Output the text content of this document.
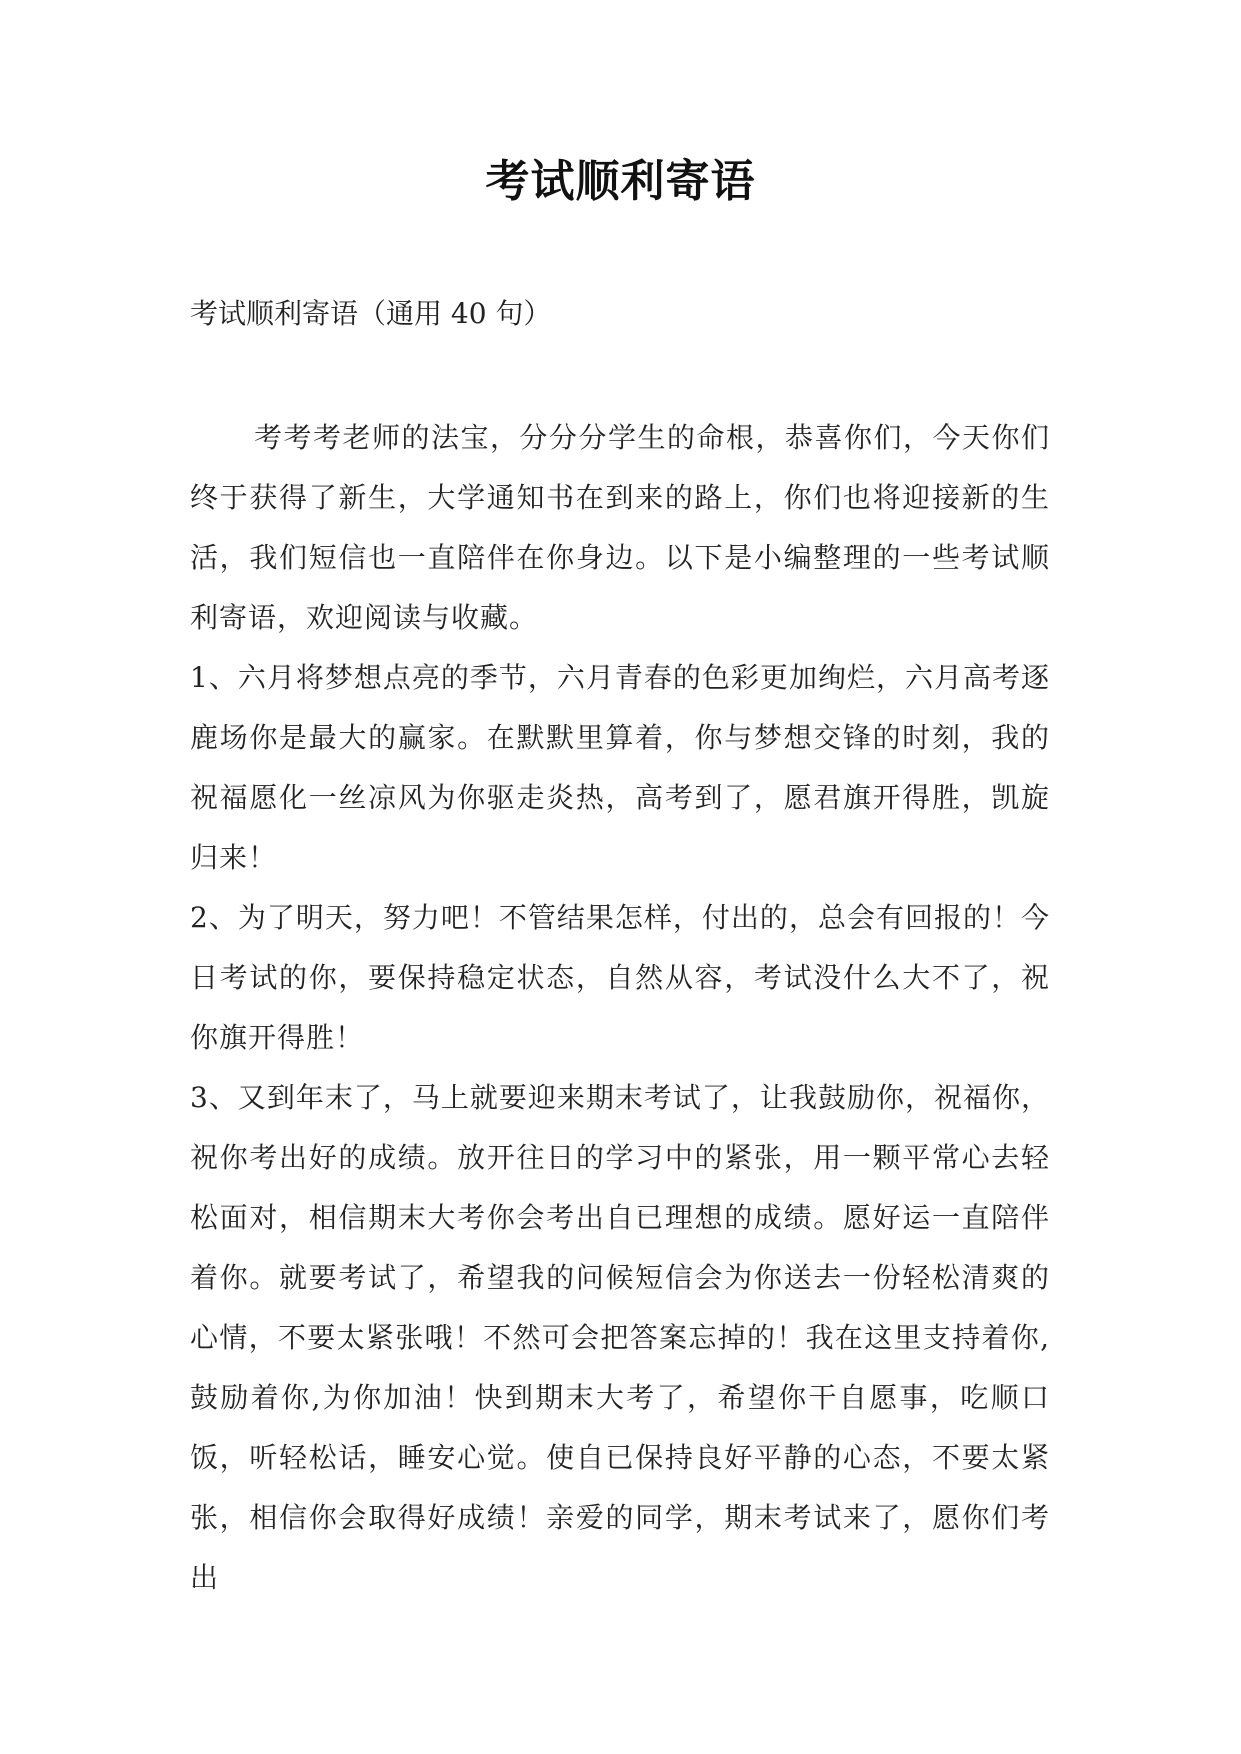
考试顺利寄语
考试顺利寄语（通用 40 句）

考考考老师的法宝，分分分学生的命根，恭喜你们，今天你们终于获得了新生，大学通知书在到来的路上，你们也将迎接新的生活，我们短信也一直陪伴在你身边。以下是小编整理的一些考试顺利寄语，欢迎阅读与收藏。

1、六月将梦想点亮的季节，六月青春的色彩更加绚烂，六月高考逐鹿场你是最大的赢家。在默默里算着，你与梦想交锋的时刻，我的祝福愿化一丝凉风为你驱走炎热，高考到了，愿君旗开得胜，凯旋归来！

2、为了明天，努力吧！不管结果怎样，付出的，总会有回报的！今日考试的你，要保持稳定状态，自然从容，考试没什么大不了，祝你旗开得胜！

3、又到年末了，马上就要迎来期末考试了，让我鼓励你，祝福你，祝你考出好的成绩。放开往日的学习中的紧张，用一颗平常心去轻松面对，相信期末大考你会考出自已理想的成绩。愿好运一直陪伴着你。就要考试了，希望我的问候短信会为你送去一份轻松清爽的心情，不要太紧张哦！不然可会把答案忘掉的！我在这里支持着你,鼓励着你,为你加油！快到期末大考了，希望你干自愿事，吃顺口饭，听轻松话，睡安心觉。使自已保持良好平静的心态，不要太紧张，相信你会取得好成绩！亲爱的同学，期末考试来了，愿你们考出
